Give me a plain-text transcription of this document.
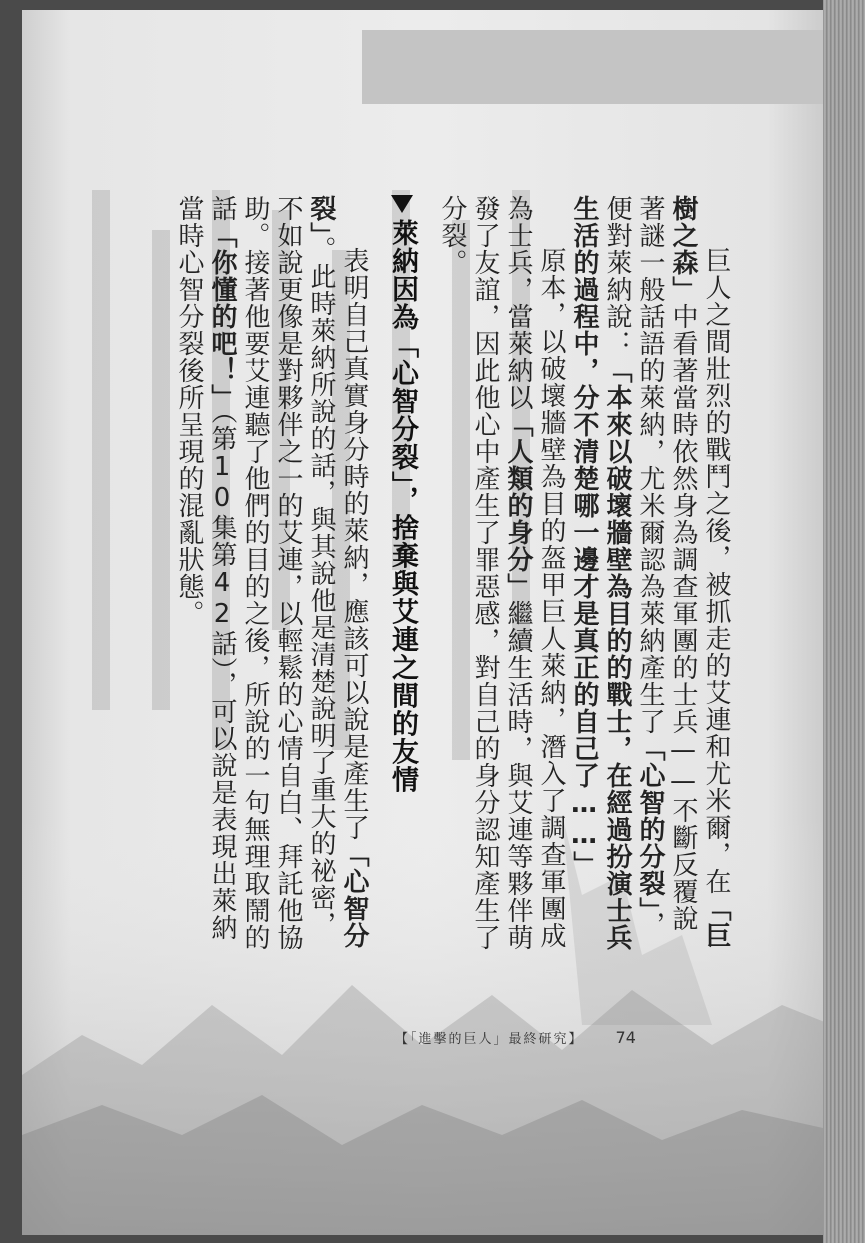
巨人之間壯烈的戰鬥之後，被抓走的艾連和尤米爾，在「巨樹之森」中看著當時依然身為調查軍團的士兵——不斷反覆說著謎一般話語的萊納，尤米爾認為萊納產生了「心智的分裂」，便對萊納說：「本來以破壞牆壁為目的的戰士，在經過扮演士兵生活的過程中，分不清楚哪一邊才是真正的自己了……」

原本，以破壞牆壁為目的盔甲巨人萊納，潛入了調查軍團成為士兵，當萊納以「人類的身分」繼續生活時，與艾連等夥伴萌發了友誼，因此他心中產生了罪惡感，對自己的身分認知產生了分裂。

萊納因為「心智分裂」，捨棄與艾連之間的友情

表明自己真實身分時的萊納，應該可以說是產生了「心智分裂」。此時萊納所說的話，與其說他是清楚說明了重大的祕密，不如說更像是對夥伴之一的艾連，以輕鬆的心情自白、拜託他協助。接著他要艾連聽了他們的目的之後，所說的一句無理取鬧的話「你懂的吧！」（第10集第42話），可以說是表現出萊納當時心智分裂後所呈現的混亂狀態。

【「進擊的巨人」最終研究】 74
